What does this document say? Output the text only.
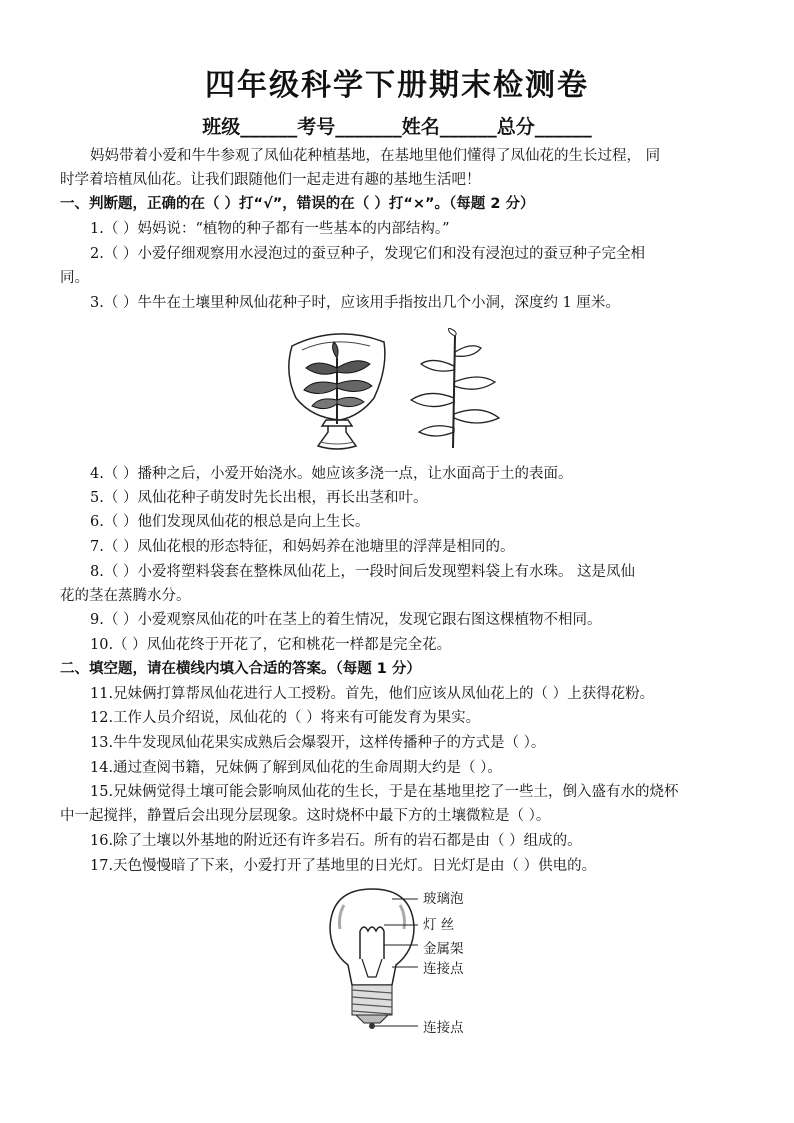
四年级科学下册期末检测卷
班级______考号_______姓名______总分______
妈妈带着小爱和牛牛参观了凤仙花种植基地，在基地里他们懂得了凤仙花的生长过程， 同
时学着培植凤仙花。让我们跟随他们一起走进有趣的基地生活吧！
一、判断题，正确的在（ ）打“√”，错误的在（ ）打“×”。（每题 2 分）
1.（ ）妈妈说：“植物的种子都有一些基本的内部结构。”
2.（ ）小爱仔细观察用水浸泡过的蚕豆种子，发现它们和没有浸泡过的蚕豆种子完全相
同。
3.（ ）牛牛在土壤里种凤仙花种子时，应该用手指按出几个小洞，深度约 1 厘米。
4.（ ）播种之后，小爱开始浇水。她应该多浇一点，让水面高于土的表面。
5.（ ）凤仙花种子萌发时先长出根，再长出茎和叶。
6.（ ）他们发现凤仙花的根总是向上生长。
7.（ ）凤仙花根的形态特征，和妈妈养在池塘里的浮萍是相同的。
8.（ ）小爱将塑料袋套在整株凤仙花上，一段时间后发现塑料袋上有水珠。 这是凤仙
花的茎在蒸腾水分。
9.（ ）小爱观察凤仙花的叶在茎上的着生情况，发现它跟右图这棵植物不相同。
10.（ ）凤仙花终于开花了，它和桃花一样都是完全花。
二、填空题，请在横线内填入合适的答案。（每题 1 分）
11.兄妹俩打算帮凤仙花进行人工授粉。首先，他们应该从凤仙花上的（ ）上获得花粉。
12.工作人员介绍说，凤仙花的（ ）将来有可能发育为果实。
13.牛牛发现凤仙花果实成熟后会爆裂开，这样传播种子的方式是（ ）。
14.通过查阅书籍，兄妹俩了解到凤仙花的生命周期大约是（ ）。
15.兄妹俩觉得土壤可能会影响凤仙花的生长，于是在基地里挖了一些土，倒入盛有水的烧杯
中一起搅拌，静置后会出现分层现象。这时烧杯中最下方的土壤微粒是（ ）。
16.除了土壤以外基地的附近还有许多岩石。所有的岩石都是由（ ）组成的。
17.天色慢慢暗了下来，小爱打开了基地里的日光灯。日光灯是由（ ）供电的。
玻璃泡
灯 丝
金属架
连接点
连接点
